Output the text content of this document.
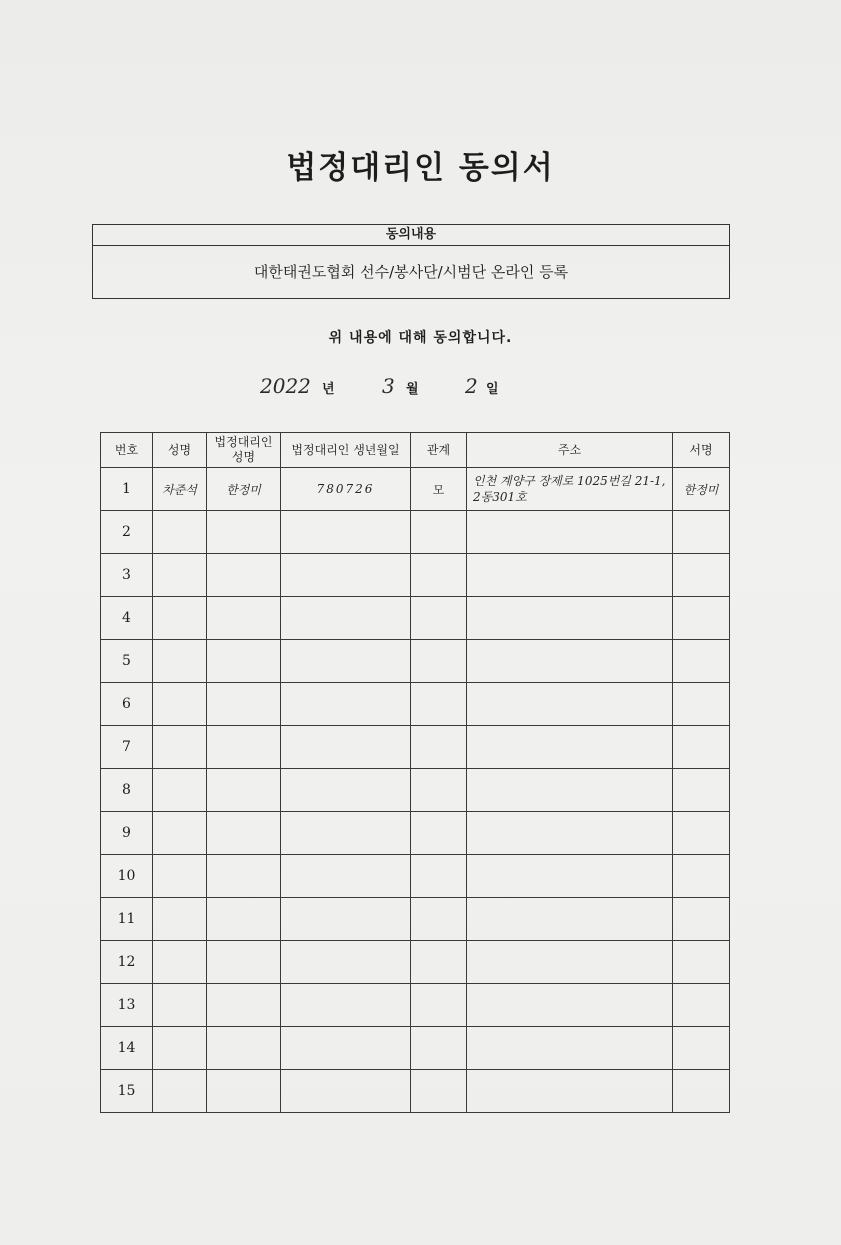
법정대리인 동의서
동의내용
대한태권도협회 선수/봉사단/시범단 온라인 등록
위 내용에 대해 동의합니다.
2022 년 3 월 2 일
번호	성명	법정대리인 성명	법정대리인 생년월일	관계	주소	서명
1	차준석	한정미	780726	모	인천 계양구 장제로 1025번길 21-1, 2동301호	한정미
2						
3						
4						
5						
6						
7						
8						
9						
10						
11						
12						
13						
14						
15						
